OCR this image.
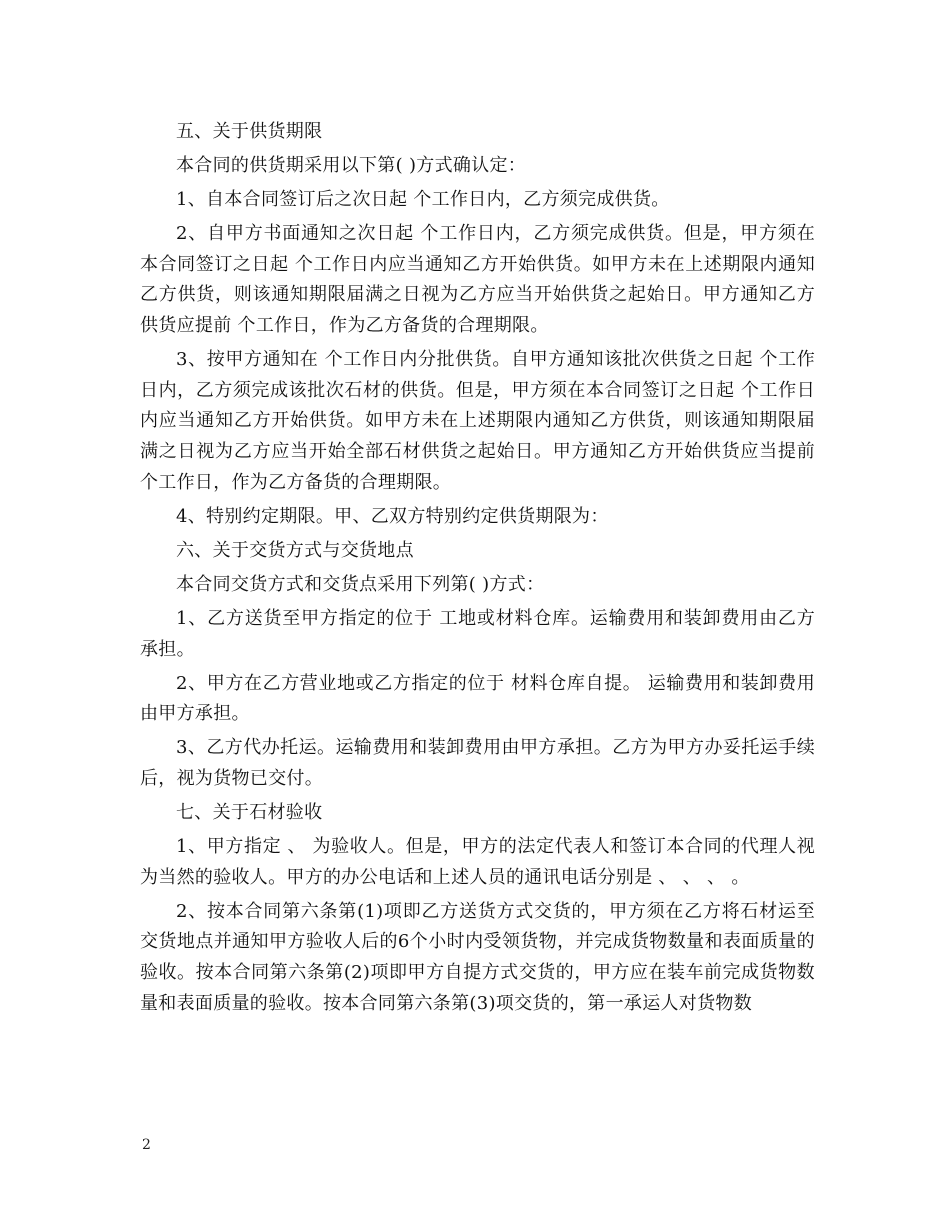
五、关于供货期限

本合同的供货期采用以下第( )方式确认定：

1、自本合同签订后之次日起 个工作日内，乙方须完成供货。

2、自甲方书面通知之次日起 个工作日内，乙方须完成供货。但是，甲方须在本合同签订之日起 个工作日内应当通知乙方开始供货。如甲方未在上述期限内通知乙方供货，则该通知期限届满之日视为乙方应当开始供货之起始日。甲方通知乙方供货应提前 个工作日，作为乙方备货的合理期限。

3、按甲方通知在 个工作日内分批供货。自甲方通知该批次供货之日起 个工作日内，乙方须完成该批次石材的供货。但是，甲方须在本合同签订之日起 个工作日内应当通知乙方开始供货。如甲方未在上述期限内通知乙方供货，则该通知期限届满之日视为乙方应当开始全部石材供货之起始日。甲方通知乙方开始供货应当提前 个工作日，作为乙方备货的合理期限。

4、特别约定期限。甲、乙双方特别约定供货期限为：

六、关于交货方式与交货地点

本合同交货方式和交货点采用下列第( )方式：

1、乙方送货至甲方指定的位于 工地或材料仓库。运输费用和装卸费用由乙方承担。

2、甲方在乙方营业地或乙方指定的位于 材料仓库自提。 运输费用和装卸费用由甲方承担。

3、乙方代办托运。运输费用和装卸费用由甲方承担。乙方为甲方办妥托运手续后，视为货物已交付。

七、关于石材验收

1、甲方指定 、 为验收人。但是，甲方的法定代表人和签订本合同的代理人视为当然的验收人。甲方的办公电话和上述人员的通讯电话分别是 、 、 、 。

2、按本合同第六条第(1)项即乙方送货方式交货的，甲方须在乙方将石材运至交货地点并通知甲方验收人后的6个小时内受领货物，并完成货物数量和表面质量的验收。按本合同第六条第(2)项即甲方自提方式交货的，甲方应在装车前完成货物数量和表面质量的验收。按本合同第六条第(3)项交货的，第一承运人对货物数

2
